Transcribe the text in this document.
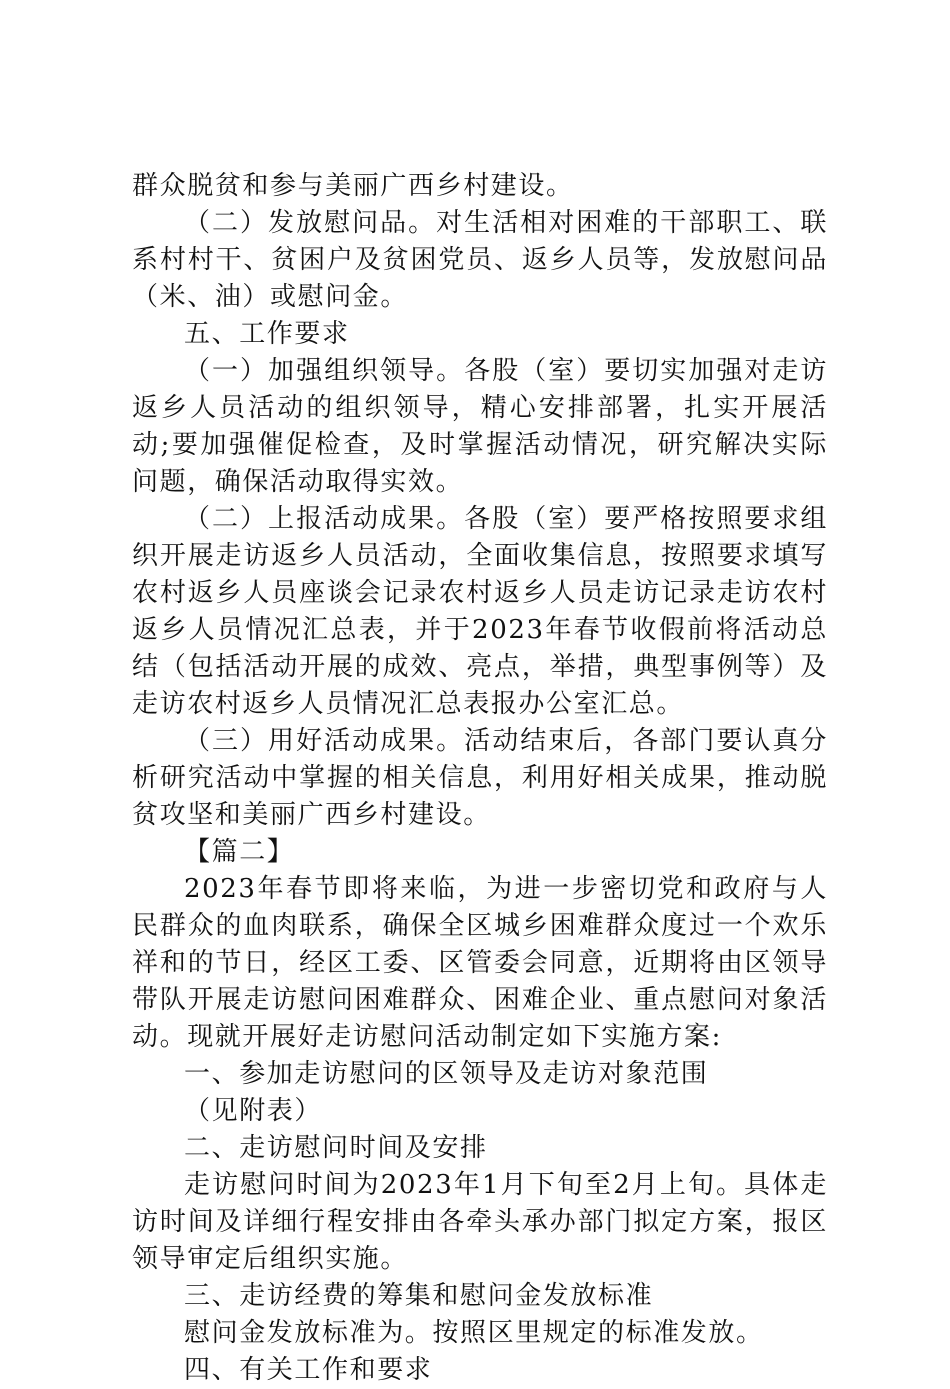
群众脱贫和参与美丽广西乡村建设。

（二）发放慰问品。对生活相对困难的干部职工、联系村村干、贫困户及贫困党员、返乡人员等，发放慰问品（米、油）或慰问金。

五、工作要求

（一）加强组织领导。各股（室）要切实加强对走访返乡人员活动的组织领导，精心安排部署，扎实开展活动;要加强催促检查，及时掌握活动情况，研究解决实际问题，确保活动取得实效。

（二）上报活动成果。各股（室）要严格按照要求组织开展走访返乡人员活动，全面收集信息，按照要求填写农村返乡人员座谈会记录农村返乡人员走访记录走访农村返乡人员情况汇总表，并于2023年春节收假前将活动总结（包括活动开展的成效、亮点，举措，典型事例等）及走访农村返乡人员情况汇总表报办公室汇总。

（三）用好活动成果。活动结束后，各部门要认真分析研究活动中掌握的相关信息，利用好相关成果，推动脱贫攻坚和美丽广西乡村建设。

【篇二】

2023年春节即将来临，为进一步密切党和政府与人民群众的血肉联系，确保全区城乡困难群众度过一个欢乐祥和的节日，经区工委、区管委会同意，近期将由区领导带队开展走访慰问困难群众、困难企业、重点慰问对象活动。现就开展好走访慰问活动制定如下实施方案:

一、参加走访慰问的区领导及走访对象范围

（见附表）

二、走访慰问时间及安排

走访慰问时间为2023年1月下旬至2月上旬。具体走访时间及详细行程安排由各牵头承办部门拟定方案，报区领导审定后组织实施。

三、走访经费的筹集和慰问金发放标准

慰问金发放标准为。按照区里规定的标准发放。

四、有关工作和要求
